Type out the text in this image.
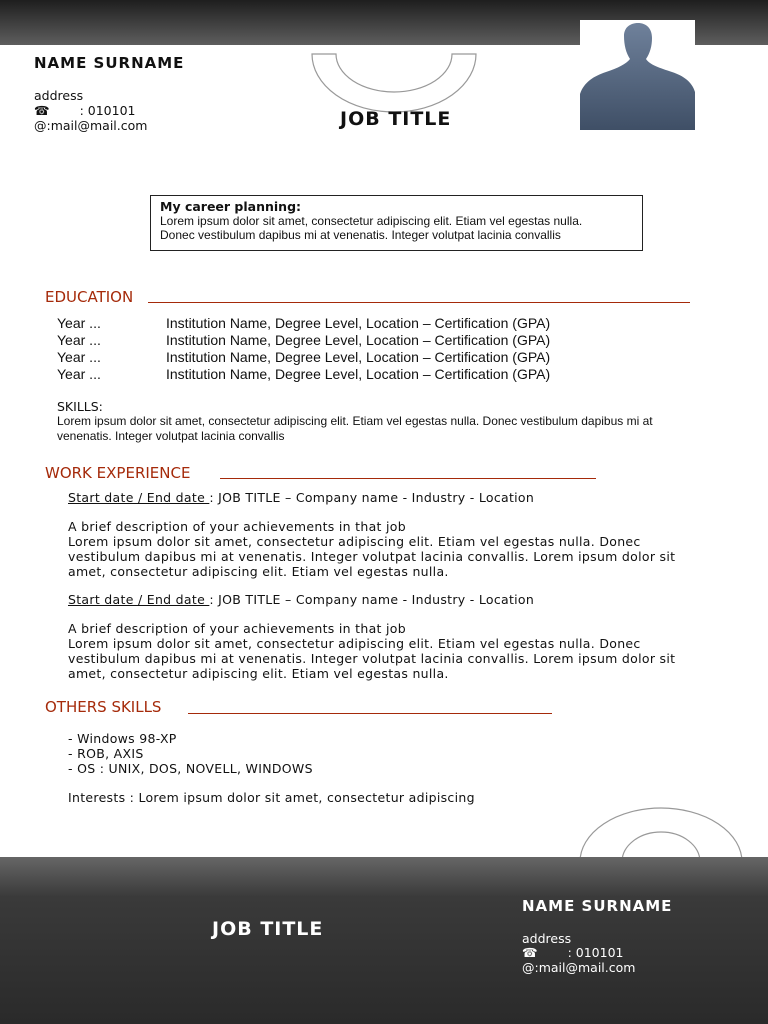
NAME SURNAME
address
☎ : 010101
@:mail@mail.com	JOB TITLE
My career planning:
Lorem ipsum dolor sit amet, consectetur adipiscing elit. Etiam vel egestas nulla.
Donec vestibulum dapibus mi at venenatis. Integer volutpat lacinia convallis
EDUCATION
Year ...	Institution Name, Degree Level, Location – Certification (GPA)
Year ...	Institution Name, Degree Level, Location – Certification (GPA)
Year ...	Institution Name, Degree Level, Location – Certification (GPA)
Year ...	Institution Name, Degree Level, Location – Certification (GPA)
SKILLS:
Lorem ipsum dolor sit amet, consectetur adipiscing elit. Etiam vel egestas nulla. Donec vestibulum dapibus mi at venenatis. Integer volutpat lacinia convallis
WORK EXPERIENCE
Start date / End date : JOB TITLE – Company name - Industry - Location
A brief description of your achievements in that job
Lorem ipsum dolor sit amet, consectetur adipiscing elit. Etiam vel egestas nulla. Donec
vestibulum dapibus mi at venenatis. Integer volutpat lacinia convallis. Lorem ipsum dolor sit
amet, consectetur adipiscing elit. Etiam vel egestas nulla.
Start date / End date : JOB TITLE – Company name - Industry - Location
A brief description of your achievements in that job
Lorem ipsum dolor sit amet, consectetur adipiscing elit. Etiam vel egestas nulla. Donec
vestibulum dapibus mi at venenatis. Integer volutpat lacinia convallis. Lorem ipsum dolor sit
amet, consectetur adipiscing elit. Etiam vel egestas nulla.
OTHERS SKILLS
- Windows 98-XP
- ROB, AXIS
- OS : UNIX, DOS, NOVELL, WINDOWS
Interests : Lorem ipsum dolor sit amet, consectetur adipiscing
JOB TITLE
NAME SURNAME
address
☎ : 010101
@:mail@mail.com
